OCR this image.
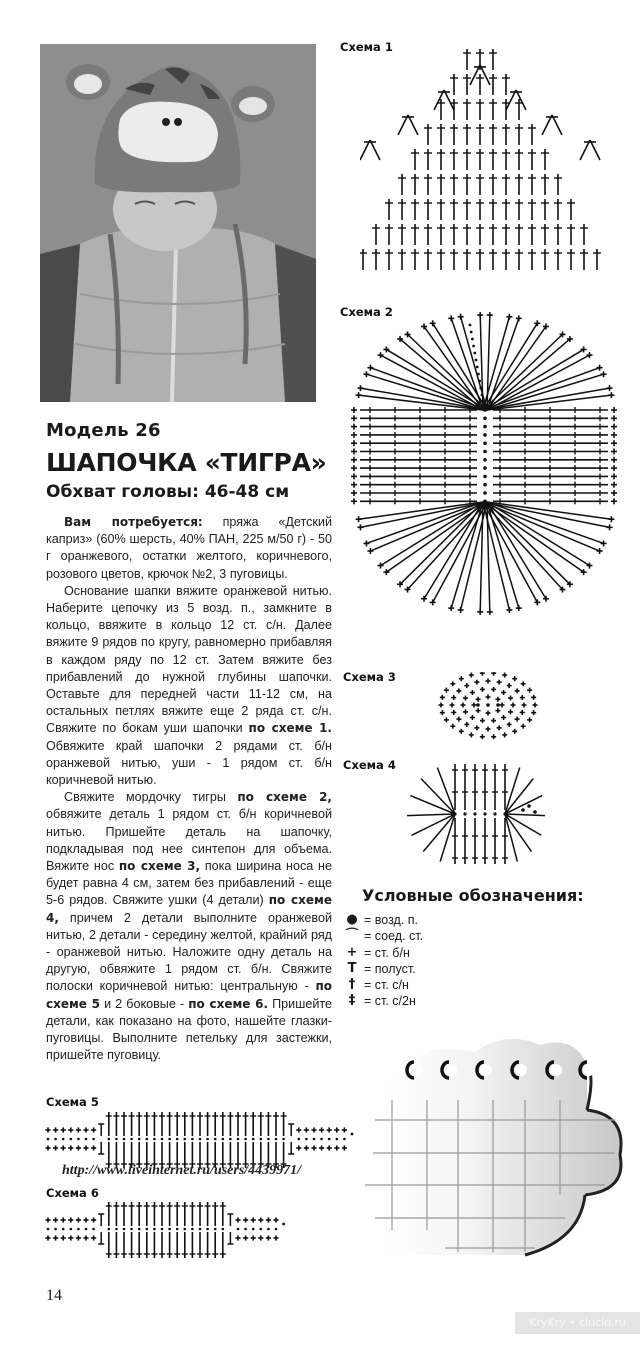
Модель 26
ШАПОЧКА «ТИГРА»
Обхват головы: 46-48 см

Вам потребуется: пряжа «Детский каприз» (60% шерсть, 40% ПАН, 225 м/50 г) - 50 г оранжевого, остатки желтого, коричневого, розового цветов, крючок №2, 3 пуговицы.

Основание шапки вяжите оранжевой нитью. Наберите цепочку из 5 возд. п., замкните в кольцо, ввяжите в кольцо 12 ст. с/н. Далее вяжите 9 рядов по кругу, равномерно прибавляя в каждом ряду по 12 ст. Затем вяжите без прибавлений до нужной глубины шапочки. Оставьте для передней части 11-12 см, на остальных петлях вяжите еще 2 ряда ст. с/н. Свяжите по бокам уши шапочки по схеме 1. Обвяжите край шапочки 2 рядами ст. б/н оранжевой нитью, уши - 1 рядом ст. б/н коричневой нитью.

Свяжите мордочку тигры по схеме 2, обвяжите деталь 1 рядом ст. б/н коричневой нитью. Пришейте деталь на шапочку, подкладывая под нее синтепон для объема. Вяжите нос по схеме 3, пока ширина носа не будет равна 4 см, затем без прибавлений - еще 5-6 рядов. Свяжите ушки (4 детали) по схеме 4, причем 2 детали выполните оранжевой нитью, 2 детали - середину желтой, крайний ряд - оранжевой нитью. Наложите одну деталь на другую, обвяжите 1 рядом ст. б/н. Свяжите полоски коричневой нитью: центральную - по схеме 5 и 2 боковые - по схеме 6. Пришейте детали, как показано на фото, нашейте глазки-пуговицы. Выполните петельку для застежки, пришейте пуговицу.

Схема 1
Схема 2
Схема 3
Схема 4
Схема 5
Схема 6
Условные обозначения:
● = возд. п.
⌒ = соед. ст.
+ = ст. б/н
T = полуст.
† = ст. с/н
‡ = ст. с/2н
http://www.liveinternet.ru/users/4439971/
14
KryKry • cluclo.ru
